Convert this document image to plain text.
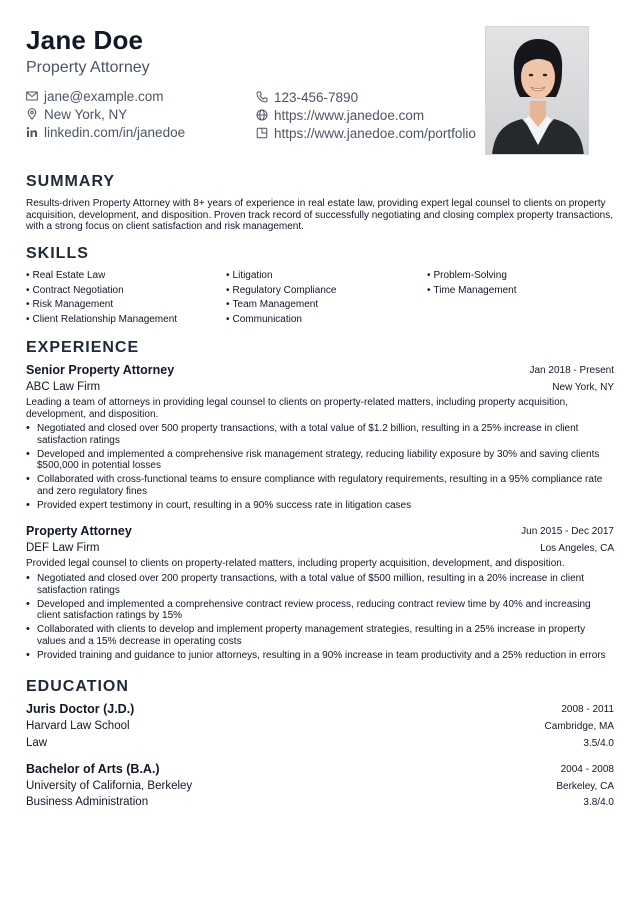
Jane Doe
Property Attorney
jane@example.com
New York, NY
linkedin.com/in/janedoe
123-456-7890
https://www.janedoe.com
https://www.janedoe.com/portfolio
SUMMARY
Results-driven Property Attorney with 8+ years of experience in real estate law, providing expert legal counsel to clients on property acquisition, development, and disposition. Proven track record of successfully negotiating and closing complex property transactions, with a strong focus on client satisfaction and risk management.
SKILLS
• Real Estate Law
• Contract Negotiation
• Risk Management
• Client Relationship Management
• Litigation
• Regulatory Compliance
• Team Management
• Communication
• Problem-Solving
• Time Management
EXPERIENCE
Senior Property Attorney	Jan 2018 - Present
ABC Law Firm	New York, NY
Leading a team of attorneys in providing legal counsel to clients on property-related matters, including property acquisition, development, and disposition.
• Negotiated and closed over 500 property transactions, with a total value of $1.2 billion, resulting in a 25% increase in client satisfaction ratings
• Developed and implemented a comprehensive risk management strategy, reducing liability exposure by 30% and saving clients $500,000 in potential losses
• Collaborated with cross-functional teams to ensure compliance with regulatory requirements, resulting in a 95% compliance rate and zero regulatory fines
• Provided expert testimony in court, resulting in a 90% success rate in litigation cases
Property Attorney	Jun 2015 - Dec 2017
DEF Law Firm	Los Angeles, CA
Provided legal counsel to clients on property-related matters, including property acquisition, development, and disposition.
• Negotiated and closed over 200 property transactions, with a total value of $500 million, resulting in a 20% increase in client satisfaction ratings
• Developed and implemented a comprehensive contract review process, reducing contract review time by 40% and increasing client satisfaction ratings by 15%
• Collaborated with clients to develop and implement property management strategies, resulting in a 25% increase in property values and a 15% decrease in operating costs
• Provided training and guidance to junior attorneys, resulting in a 90% increase in team productivity and a 25% reduction in errors
EDUCATION
Juris Doctor (J.D.)	2008 - 2011
Harvard Law School	Cambridge, MA
Law	3.5/4.0
Bachelor of Arts (B.A.)	2004 - 2008
University of California, Berkeley	Berkeley, CA
Business Administration	3.8/4.0
